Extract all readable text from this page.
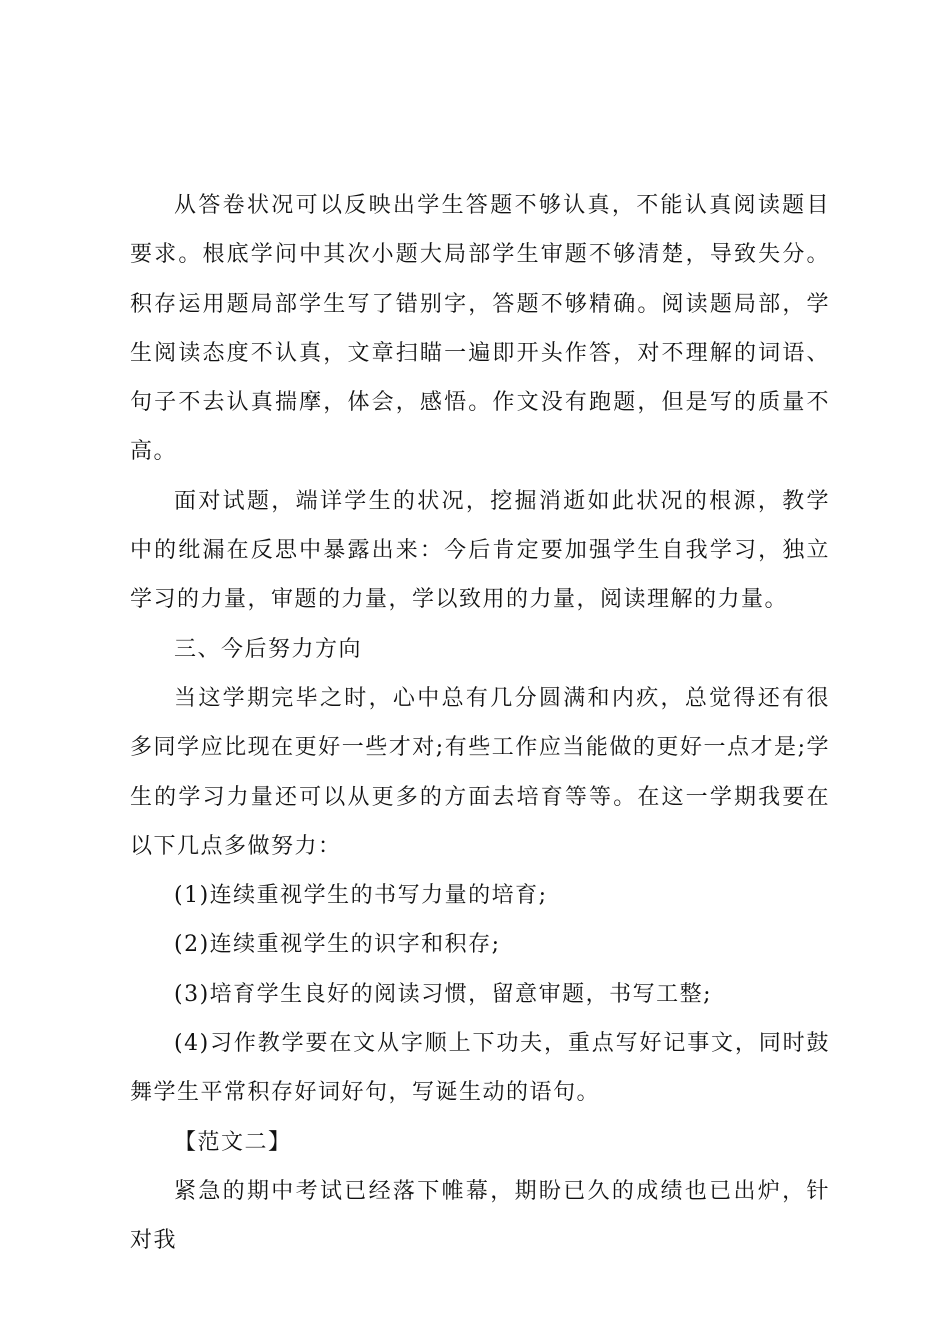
从答卷状况可以反映出学生答题不够认真，不能认真阅读题目要求。根底学问中其次小题大局部学生审题不够清楚，导致失分。积存运用题局部学生写了错别字，答题不够精确。阅读题局部，学生阅读态度不认真，文章扫瞄一遍即开头作答，对不理解的词语、句子不去认真揣摩，体会，感悟。作文没有跑题，但是写的质量不高。

面对试题，端详学生的状况，挖掘消逝如此状况的根源，教学中的纰漏在反思中暴露出来：今后肯定要加强学生自我学习，独立学习的力量，审题的力量，学以致用的力量，阅读理解的力量。

三、今后努力方向

当这学期完毕之时，心中总有几分圆满和内疚，总觉得还有很多同学应比现在更好一些才对;有些工作应当能做的更好一点才是;学生的学习力量还可以从更多的方面去培育等等。在这一学期我要在以下几点多做努力：

(1)连续重视学生的书写力量的培育;

(2)连续重视学生的识字和积存;

(3)培育学生良好的阅读习惯，留意审题，书写工整;

(4)习作教学要在文从字顺上下功夫，重点写好记事文，同时鼓舞学生平常积存好词好句，写诞生动的语句。

【范文二】

紧急的期中考试已经落下帷幕，期盼已久的成绩也已出炉，针对我
